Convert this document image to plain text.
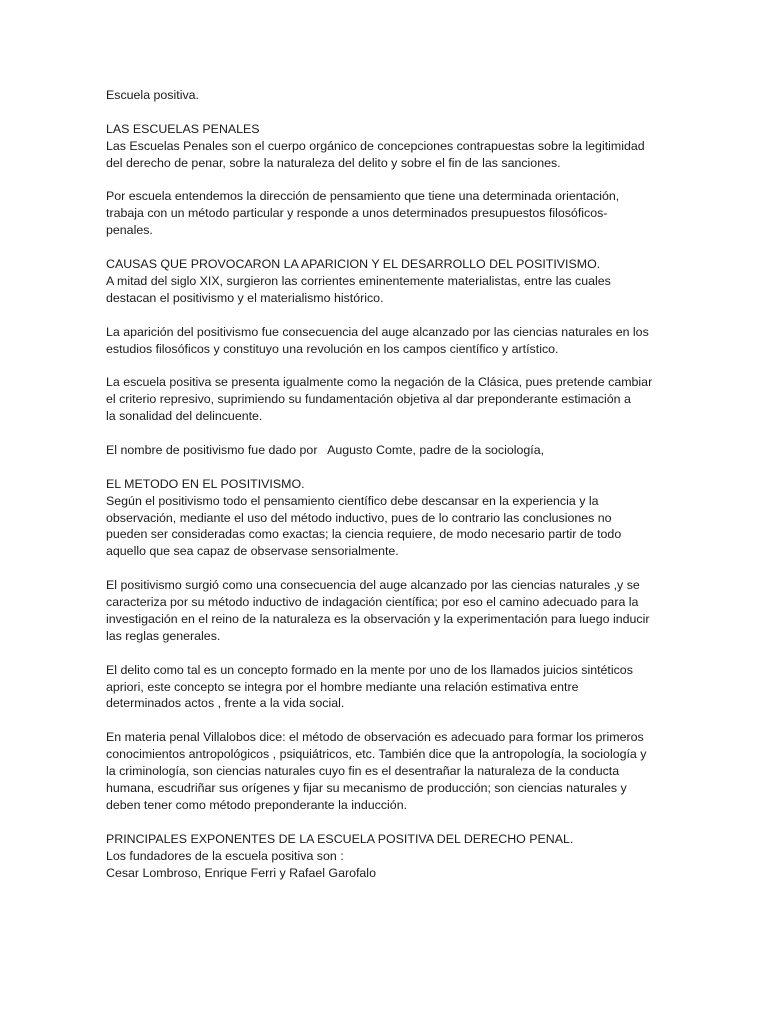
Escuela positiva.
LAS ESCUELAS PENALES
Las Escuelas Penales son el cuerpo orgánico de concepciones contrapuestas sobre la legitimidad
del derecho de penar, sobre la naturaleza del delito y sobre el fin de las sanciones.
Por escuela entendemos la dirección de pensamiento que tiene una determinada orientación,
trabaja con un método particular y responde a unos determinados presupuestos filosóficos-
penales.
CAUSAS QUE PROVOCARON LA APARICION Y EL DESARROLLO DEL POSITIVISMO.
A mitad del siglo XIX, surgieron las corrientes eminentemente materialistas, entre las cuales
destacan el positivismo y el materialismo histórico.
La aparición del positivismo fue consecuencia del auge alcanzado por las ciencias naturales en los
estudios filosóficos y constituyo una revolución en los campos científico y artístico.
La escuela positiva se presenta igualmente como la negación de la Clásica, pues pretende cambiar
el criterio represivo, suprimiendo su fundamentación objetiva al dar preponderante estimación a
la sonalidad del delincuente.
El nombre de positivismo fue dado por   Augusto Comte, padre de la sociología,
EL METODO EN EL POSITIVISMO.
Según el positivismo todo el pensamiento científico debe descansar en la experiencia y la
observación, mediante el uso del método inductivo, pues de lo contrario las conclusiones no
pueden ser consideradas como exactas; la ciencia requiere, de modo necesario partir de todo
aquello que sea capaz de observase sensorialmente.
El positivismo surgió como una consecuencia del auge alcanzado por las ciencias naturales ,y se
caracteriza por su método inductivo de indagación científica; por eso el camino adecuado para la
investigación en el reino de la naturaleza es la observación y la experimentación para luego inducir
las reglas generales.
El delito como tal es un concepto formado en la mente por uno de los llamados juicios sintéticos
apriori, este concepto se integra por el hombre mediante una relación estimativa entre
determinados actos , frente a la vida social.
En materia penal Villalobos dice: el método de observación es adecuado para formar los primeros
conocimientos antropológicos , psiquiátricos, etc. También dice que la antropología, la sociología y
la criminología, son ciencias naturales cuyo fin es el desentrañar la naturaleza de la conducta
humana, escudriñar sus orígenes y fijar su mecanismo de producción; son ciencias naturales y
deben tener como método preponderante la inducción.
PRINCIPALES EXPONENTES DE LA ESCUELA POSITIVA DEL DERECHO PENAL.
Los fundadores de la escuela positiva son :
Cesar Lombroso, Enrique Ferri y Rafael Garofalo
